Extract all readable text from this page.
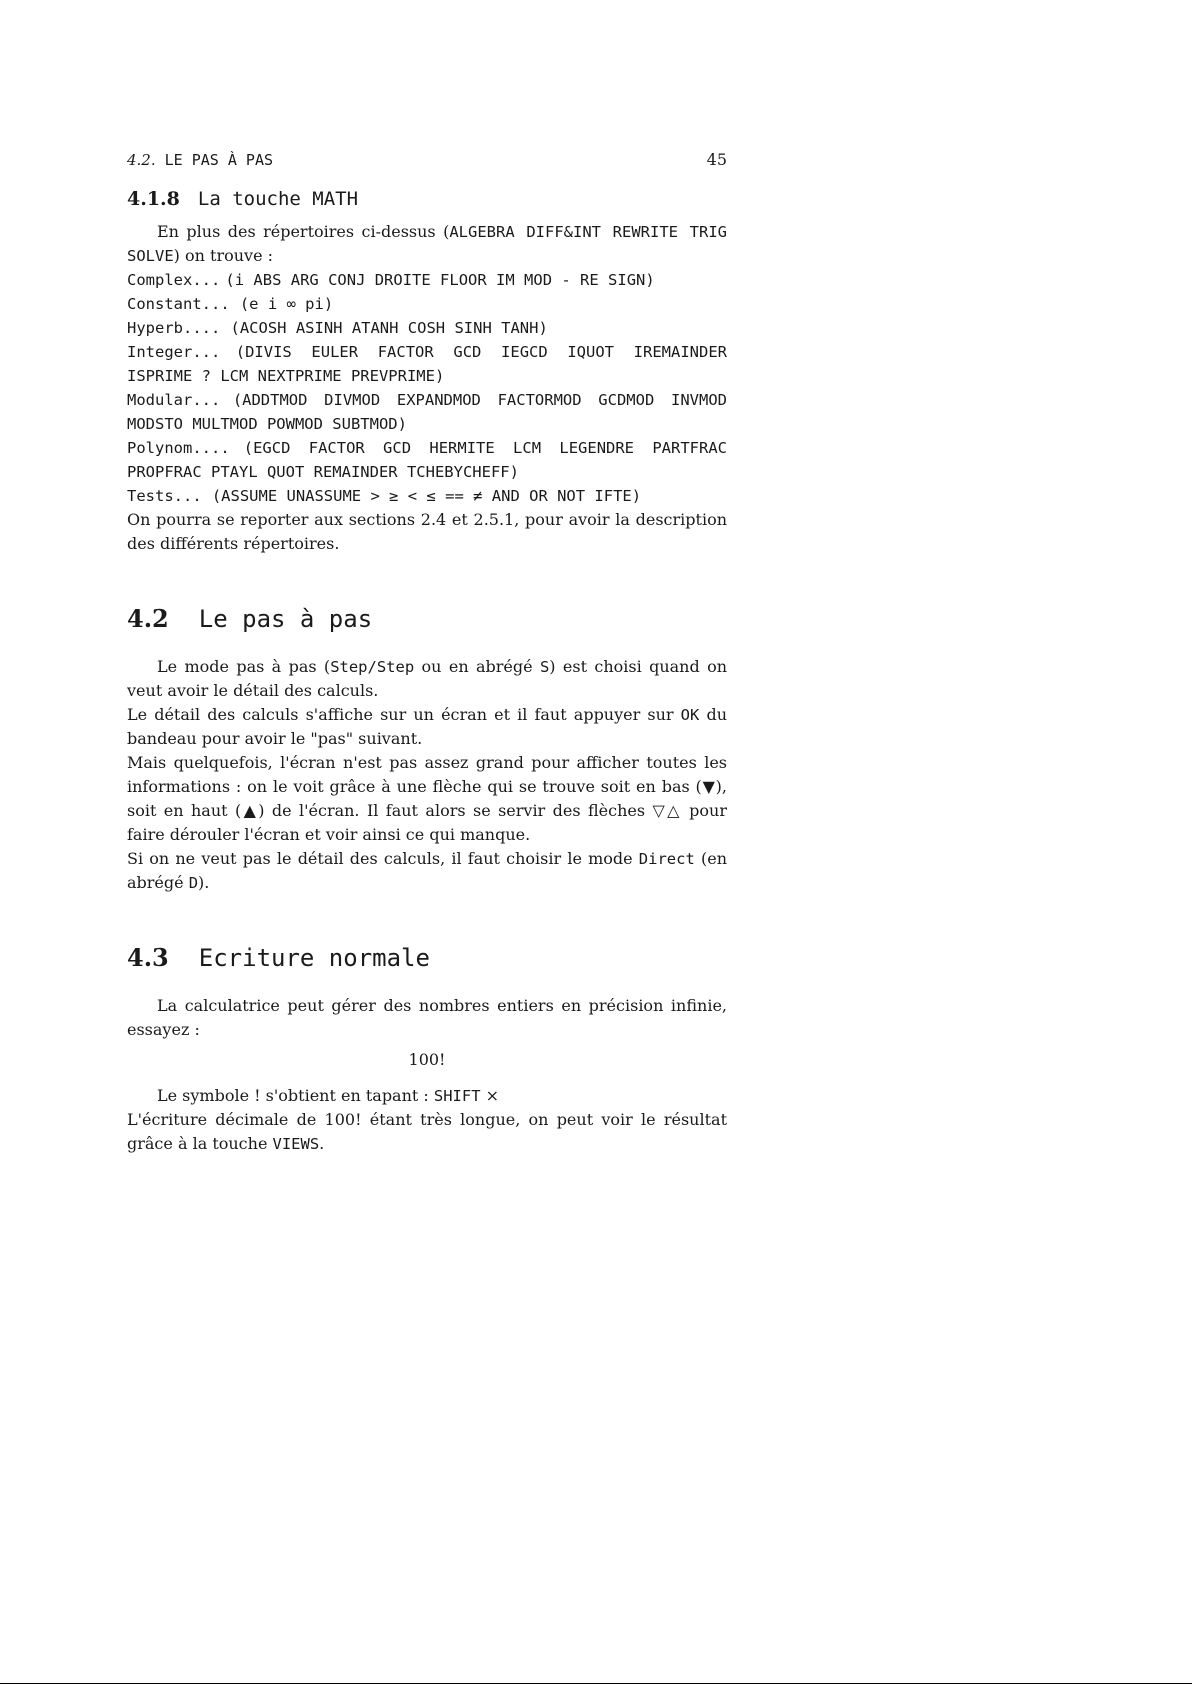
4.2. LE PAS À PAS	45
4.1.8 La touche MATH

En plus des répertoires ci-dessus (ALGEBRA DIFF&INT REWRITE TRIG SOLVE) on trouve :

Complex... (i ABS ARG CONJ DROITE FLOOR IM MOD - RE SIGN)

Constant... (e i ∞ pi)

Hyperb.... (ACOSH ASINH ATANH COSH SINH TANH)

Integer... (DIVIS EULER FACTOR GCD IEGCD IQUOT IREMAINDER ISPRIME ? LCM NEXTPRIME PREVPRIME)

Modular... (ADDTMOD DIVMOD EXPANDMOD FACTORMOD GCDMOD INVMOD MODSTO MULTMOD POWMOD SUBTMOD)

Polynom.... (EGCD FACTOR GCD HERMITE LCM LEGENDRE PARTFRAC PROPFRAC PTAYL QUOT REMAINDER TCHEBYCHEFF)

Tests... (ASSUME UNASSUME > ≥ < ≤ == ≠ AND OR NOT IFTE)

On pourra se reporter aux sections 2.4 et 2.5.1, pour avoir la description des différents répertoires.

4.2 Le pas à pas

Le mode pas à pas (Step/Step ou en abrégé S) est choisi quand on veut avoir le détail des calculs.

Le détail des calculs s'affiche sur un écran et il faut appuyer sur OK du bandeau pour avoir le "pas" suivant.

Mais quelquefois, l'écran n'est pas assez grand pour afficher toutes les informations : on le voit grâce à une flèche qui se trouve soit en bas (▼), soit en haut (▲) de l'écran. Il faut alors se servir des flèches ▽△ pour faire dérouler l'écran et voir ainsi ce qui manque.

Si on ne veut pas le détail des calculs, il faut choisir le mode Direct (en abrégé D).

4.3 Ecriture normale

La calculatrice peut gérer des nombres entiers en précision infinie, essayez :

100!

Le symbole ! s'obtient en tapant : SHIFT ×

L'écriture décimale de 100! étant très longue, on peut voir le résultat grâce à la touche VIEWS.
